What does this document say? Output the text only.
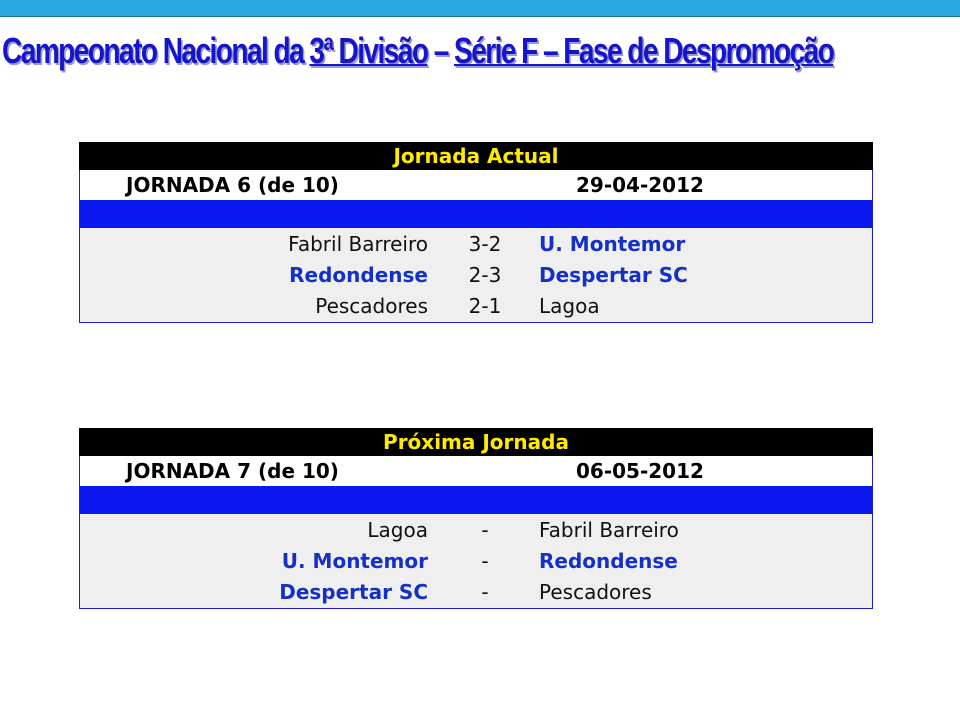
Campeonato Nacional da 3ª Divisão – Série F – Fase de Despromoção
Jornada Actual
JORNADA 6 (de 10)	29-04-2012
Fabril Barreiro	3-2	U. Montemor
Redondense	2-3	Despertar SC
Pescadores	2-1	Lagoa
Próxima Jornada
JORNADA 7 (de 10)	06-05-2012
Lagoa	-	Fabril Barreiro
U. Montemor	-	Redondense
Despertar SC	-	Pescadores
